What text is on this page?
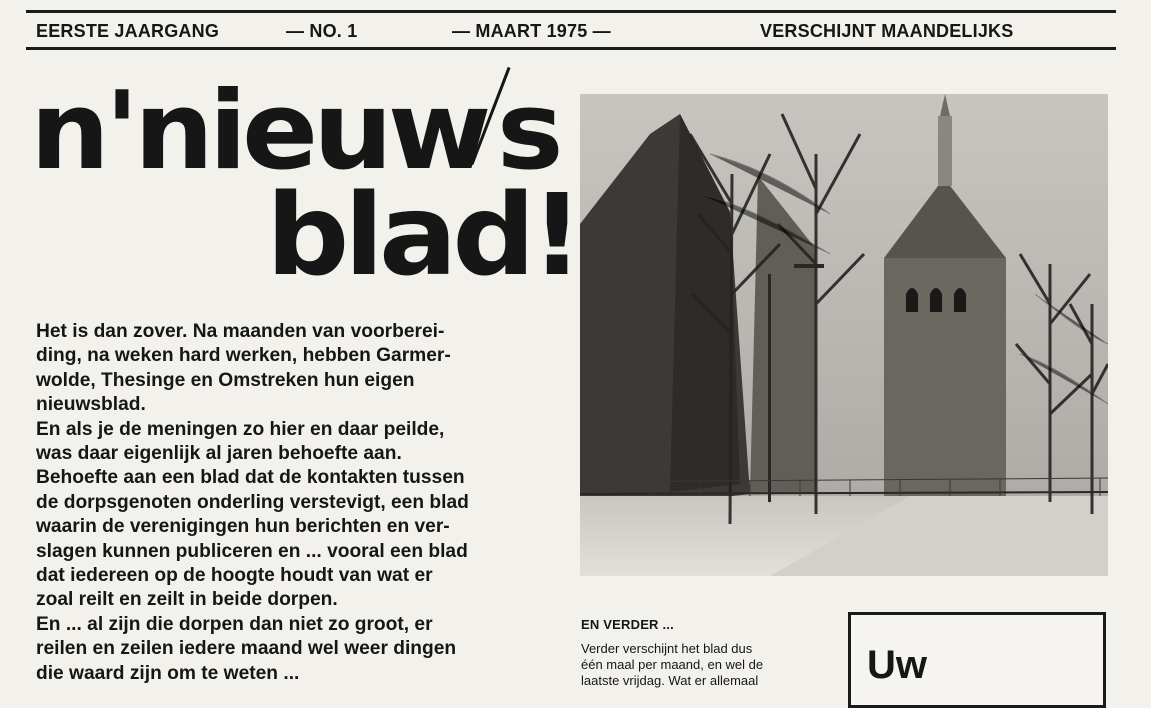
EERSTE JAARGANG	— NO. 1	— MAART 1975 —	VERSCHIJNT MAANDELIJKS
n'nieuws
blad!
Het is dan zover. Na maanden van voorberei-
ding, na weken hard werken, hebben Garmer-
wolde, Thesinge en Omstreken hun eigen
nieuwsblad.
En als je de meningen zo hier en daar peilde,
was daar eigenlijk al jaren behoefte aan.
Behoefte aan een blad dat de kontakten tussen
de dorpsgenoten onderling verstevigt, een blad
waarin de verenigingen hun berichten en ver-
slagen kunnen publiceren en ... vooral een blad
dat iedereen op de hoogte houdt van wat er
zoal reilt en zeilt in beide dorpen.
En ... al zijn die dorpen dan niet zo groot, er
reilen en zeilen iedere maand wel weer dingen
die waard zijn om te weten ...
EN VERDER ...
Verder verschijnt het blad dus
één maal per maand, en wel de
laatste vrijdag. Wat er allemaal	Uw
